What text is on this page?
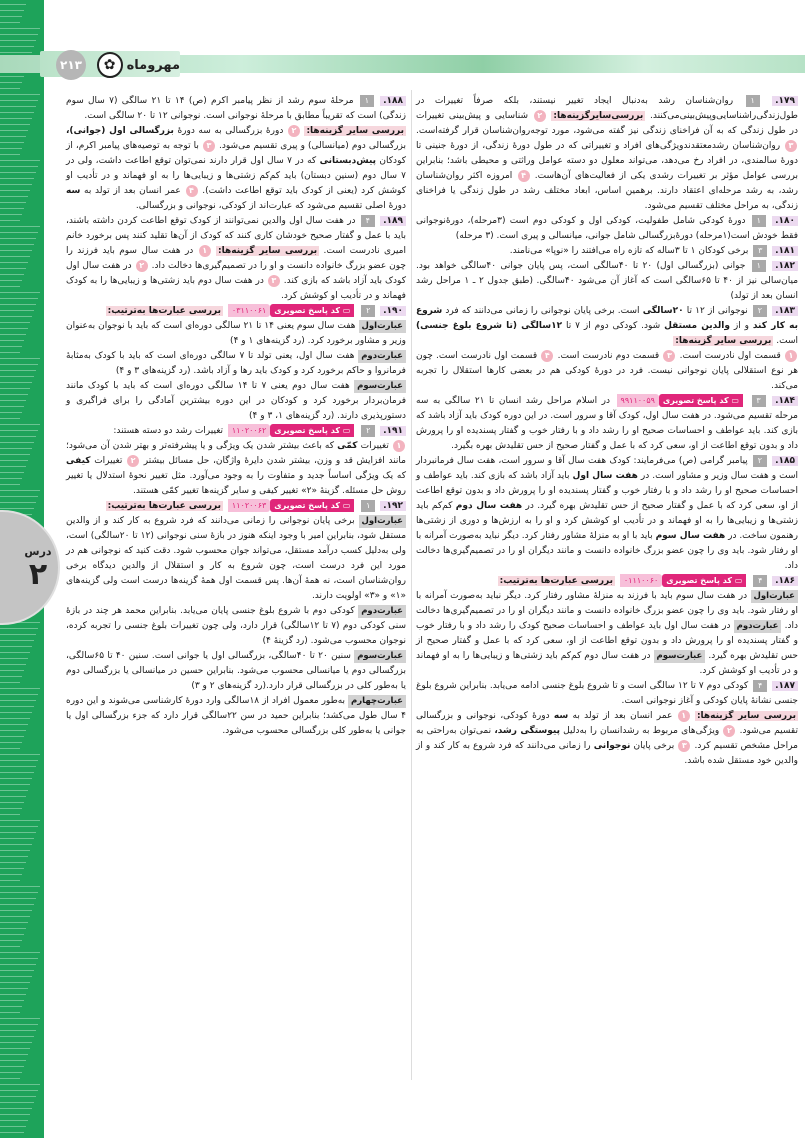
۲۱۳	مهروماه
✿
درس
۲
۱۷۹. ۱ روان‌شناسان رشد به‌دنبال ایجاد تغییر نیستند، بلکه صرفاً تغییرات در طول‌زندگی‌راشناسایی‌وپیش‌بینی‌می‌کنند. بررسی‌سایرگزینه‌ها: ۲ شناسایی و پیش‌بینی تغییرات در طول زندگی که به آن فراخنای زندگی نیز گفته می‌شود، مورد توجه‌روان‌شناسان قرار گرفته‌است. ۳ روان‌شناسان رشدمعتقدندویژگی‌های افراد و تغییراتی که در طول دورهٔ زندگی، از دورهٔ جنینی تا دورهٔ سالمندی، در افراد رخ می‌دهد، می‌تواند معلول دو دسته عوامل وراثتی و محیطی باشد؛ بنابراین بررسی عوامل مؤثر بر تغییرات رشدی یکی از فعالیت‌های آن‌هاست. ۴ امروزه اکثر روان‌شناسان رشد، به رشد مرحله‌ای اعتقاد دارند. برهمین اساس، ابعاد مختلف رشد در طول زندگی یا فراخنای زندگی، به مراحل مختلف تقسیم می‌شود.
۱۸۰. ۱ دورهٔ کودکی شامل طفولیت، کودکی اول و کودکی دوم است (۳مرحله)، دورهٔ‌نوجوانی فقط خودش است(۱مرحله) دورهٔ‌بزرگسالی شامل جوانی، میانسالی و پیری است. (۳ مرحله)
۱۸۱. ۳ برخی کودکان ۱ تا ۳ساله که تازه راه می‌افتند را «نوپا» می‌نامند.
۱۸۲. ۱ جوانی (بزرگسالی اول) ۲۰ تا ۴۰سالگی است، پس پایان جوانی ۴۰سالگی خواهد بود. میان‌سالی نیز از ۴۰ تا ۶۵سالگی است که آغاز آن می‌شود ۴۰سالگی. (طبق جدول ۲ ـ ۱ مراحل رشد انسان بعد از تولد)
۱۸۳. ۲ نوجوانی از ۱۲ تا ۲۰سالگی است. برخی پایان نوجوانی را زمانی می‌دانند که فرد شروع به کار کند و از والدین مستقل شود. کودکی دوم از ۷ تا ۱۲سالگی (تا شروع بلوغ جنسی) است. بررسی سایر گزینه‌ها:
۱ قسمت اول نادرست است. ۳ قسمت دوم نادرست است. ۴ قسمت اول نادرست است. چون هر نوع استقلالی پایان نوجوانی نیست. فرد در دورهٔ کودکی هم در بعضی کارها استقلال را تجربه می‌کند.
۱۸۴. ۳
▭ کد پاسخ تصویری
۹۹۱۱۰۰۵۹
در اسلام مراحل رشد انسان تا ۲۱ سالگی به سه مرحله تقسیم می‌شود. در هفت سال اول، کودک آقا و سرور است. در این دوره کودک باید آزاد باشد که بازی کند. باید عواطف و احساسات صحیح او را رشد داد و با رفتار خوب و گفتار پسندیده او را پرورش داد و بدون توقع اطاعت از او، سعی کرد که با عمل و گفتار صحیح از حس تقلیدش بهره بگیرد.
۱۸۵. ۲ پیامبر گرامی (ص) می‌فرمایند: کودک هفت سال آقا و سرور است، هفت سال فرمانبردار است و هفت سال وزیر و مشاور است. در هفت سال اول باید آزاد باشد که بازی کند. باید عواطف و احساسات صحیح او را رشد داد و با رفتار خوب و گفتار پسندیده او را پرورش داد و بدون توقع اطاعت از او، سعی کرد که با عمل و گفتار صحیح از حس تقلیدش بهره گیرد. در هفت سال دوم کم‌کم باید زشتی‌ها و زیبایی‌ها را به او فهماند و در تأدیب او کوشش کرد و او را به ارزش‌ها و دوری از زشتی‌ها رهنمون ساخت. در هفت سال سوم باید با او به منزلهٔ مشاور رفتار کرد. دیگر نباید به‌صورت آمرانه با او رفتار شود. باید وی را چون عضو بزرگ خانواده دانست و مانند دیگران او را در تصمیم‌گیری‌ها دخالت داد.
۱۸۶. ۴
▭ کد پاسخ تصویری
۰۱۱۱۰۰۶۰
بررسی عبارت‌ها به‌ترتیب:
عبارت‌اول در هفت سال سوم باید با فرزند به منزلهٔ مشاور رفتار کرد. دیگر نباید به‌صورت آمرانه با او رفتار شود. باید وی را چون عضو بزرگ خانواده دانست و مانند دیگران او را در تصمیم‌گیری‌ها دخالت داد. عبارت‌دوم در هفت سال اول باید عواطف و احساسات صحیح کودک را رشد داد و با رفتار خوب و گفتار پسندیده او را پرورش داد و بدون توقع اطاعت از او، سعی کرد که با عمل و گفتار صحیح از حس تقلیدش بهره گیرد. عبارت‌سوم در هفت سال دوم کم‌کم باید زشتی‌ها و زیبایی‌ها را به او فهماند و در تأدیب او کوشش کرد.
۱۸۷. ۴ کودکی دوم ۷ تا ۱۲ سالگی است و تا شروع بلوغ جنسی ادامه می‌یابد. بنابراین شروع بلوغ جنسی نشانهٔ پایان کودکی و آغاز نوجوانی است.
بررسی سایر گزینه‌ها: ۱ عمر انسان بعد از تولد به سه دورهٔ کودکی، نوجوانی و بزرگسالی تقسیم می‌شود. ۲ ویژگی‌های مربوط به رشدانسان را به‌دلیل پیوستگی رشد، نمی‌توان به‌راحتی به مراحل مشخص تقسیم کرد. ۳ برخی پایان نوجوانی را زمانی می‌دانند که فرد شروع به کار کند و از والدین خود مستقل شده باشد.
۱۸۸. ۱ مرحلهٔ سوم رشد از نظر پیامبر اکرم (ص) ۱۴ تا ۲۱ سالگی (۷ سال سوم زندگی) است که تقریباً مطابق با مرحلهٔ نوجوانی است. نوجوانی ۱۲ تا ۲۰ سالگی است.
بررسی سایر گزینه‌ها: ۲ دورهٔ بزرگسالی به سه دورهٔ بزرگسالی اول (جوانی)، بزرگسالی دوم (میانسالی) و پیری تقسیم می‌شود. ۳ با توجه به توصیه‌های پیامبر اکرم، از کودکان پیش‌دبستانی که در ۷ سال اول قرار دارند نمی‌توان توقع اطاعت داشت، ولی در ۷ سال دوم (سنین دبستان) باید کم‌کم زشتی‌ها و زیبایی‌ها را به او فهماند و در تأدیب او کوشش کرد (یعنی از کودک باید توقع اطاعت داشت). ۴ عمر انسان بعد از تولد به سه دورهٔ اصلی تقسیم می‌شود که عبارت‌اند از کودکی، نوجوانی و بزرگسالی.
۱۸۹. ۴ در هفت سال اول والدین نمی‌توانند از کودک توقع اطاعت کردن داشته باشند، باید با عمل و گفتار صحیح خودشان کاری کنند که کودک از آن‌ها تقلید کنند پس برخورد خانم امیری نادرست است. بررسی سایر گزینه‌ها: ۱ در هفت سال سوم باید فرزند را چون عضو بزرگ خانواده دانست و او را در تصمیم‌گیری‌ها دخالت داد. ۲ در هفت سال اول کودک باید آزاد باشد که بازی کند. ۳ در هفت سال دوم باید زشتی‌ها و زیبایی‌ها را به کودک فهماند و در تأدیب او کوشش کرد.
۱۹۰. ۲
▭ کد پاسخ تصویری
۰۳۱۱۰۰۶۱
بررسی عبارت‌ها به‌ترتیب:
عبارت‌اول هفت سال سوم یعنی ۱۴ تا ۲۱ سالگی دوره‌ای است که باید با نوجوان به‌عنوان وزیر و مشاور برخورد کرد. (رد گزینه‌های ۱ و ۴)
عبارت‌دوم هفت سال اول، یعنی تولد تا ۷ سالگی دوره‌ای است که باید با کودک به‌مثابهٔ فرمانروا و حاکم برخورد کرد و کودک باید رها و آزاد باشد. (رد گزینه‌های ۳ و ۴)
عبارت‌سوم هفت سال دوم یعنی ۷ تا ۱۴ سالگی دوره‌ای است که باید با کودک مانند فرمان‌بردار برخورد کرد و کودکان در این دوره بیشترین آمادگی را برای فراگیری و دستورپذیری دارند. (رد گزینه‌های ۱، ۳ و ۴)
۱۹۱. ۲
▭ کد پاسخ تصویری
۱۱۰۲۰۰۶۲
تغییرات رشد دو دسته هستند:
۱ تغییرات کمّی که باعث بیشتر شدن یک ویژگی و یا پیشرفته‌تر و بهتر شدن آن می‌شود؛ مانند افزایش قد و وزن، بیشتر شدن دایرهٔ واژگان، حل مسائل بیشتر ۲ تغییرات کیفی که یک ویژگی اساساً جدید و متفاوت را به وجود می‌آورد. مثل تغییر نحوهٔ استدلال یا تغییر روش حل مسئله. گزینهٔ «۲» تغییر کیفی و سایر گزینه‌ها تغییر کمّی هستند.
۱۹۲. ۱
▭ کد پاسخ تصویری
۱۱۰۲۰۰۶۳
بررسی عبارت‌ها به‌ترتیب:
عبارت‌اول برخی پایان نوجوانی را زمانی می‌دانند که فرد شروع به کار کند و از والدین مستقل شود، بنابراین امیر با وجود اینکه هنوز در بازهٔ سنی نوجوانی (۱۲ تا ۲۰سالگی) است، ولی به‌دلیل کسب درآمد مستقل، می‌تواند جوان محسوب شود. دقت کنید که نوجوانی هم در مورد این فرد درست است، چون شروع به کار و استقلال از والدین دیدگاه برخی روان‌شناسان است، نه همهٔ آن‌ها. پس قسمت اول همهٔ گزینه‌ها درست است ولی گزینه‌های «۱» و «۳» اولویت دارند.
عبارت‌دوم کودکی دوم با شروع بلوغ جنسی پایان می‌یابد. بنابراین محمد هر چند در بازهٔ سنی کودکی دوم (۷ تا ۱۲سالگی) قرار دارد، ولی چون تغییرات بلوغ جنسی را تجربه کرده، نوجوان محسوب می‌شود. (رد گزینهٔ ۴)
عبارت‌سوم سنین ۲۰ تا ۴۰سالگی، بزرگسالی اول یا جوانی است. سنین ۴۰ تا ۶۵سالگی، بزرگسالی دوم یا میانسالی محسوب می‌شود. بنابراین حسین در میانسالی یا بزرگسالی دوم یا به‌طور کلی در بزرگسالی قرار دارد.(رد گزینه‌های ۲ و ۳)
عبارت‌چهارم به‌طور معمول افراد از ۱۸سالگی وارد دورهٔ کارشناسی می‌شوند و این دوره ۴ سال طول می‌کشد؛ بنابراین حمید در سن ۲۲سالگی قرار دارد که جزء بزرگسالی اول یا جوانی یا به‌طور کلی بزرگسالی محسوب می‌شود.
